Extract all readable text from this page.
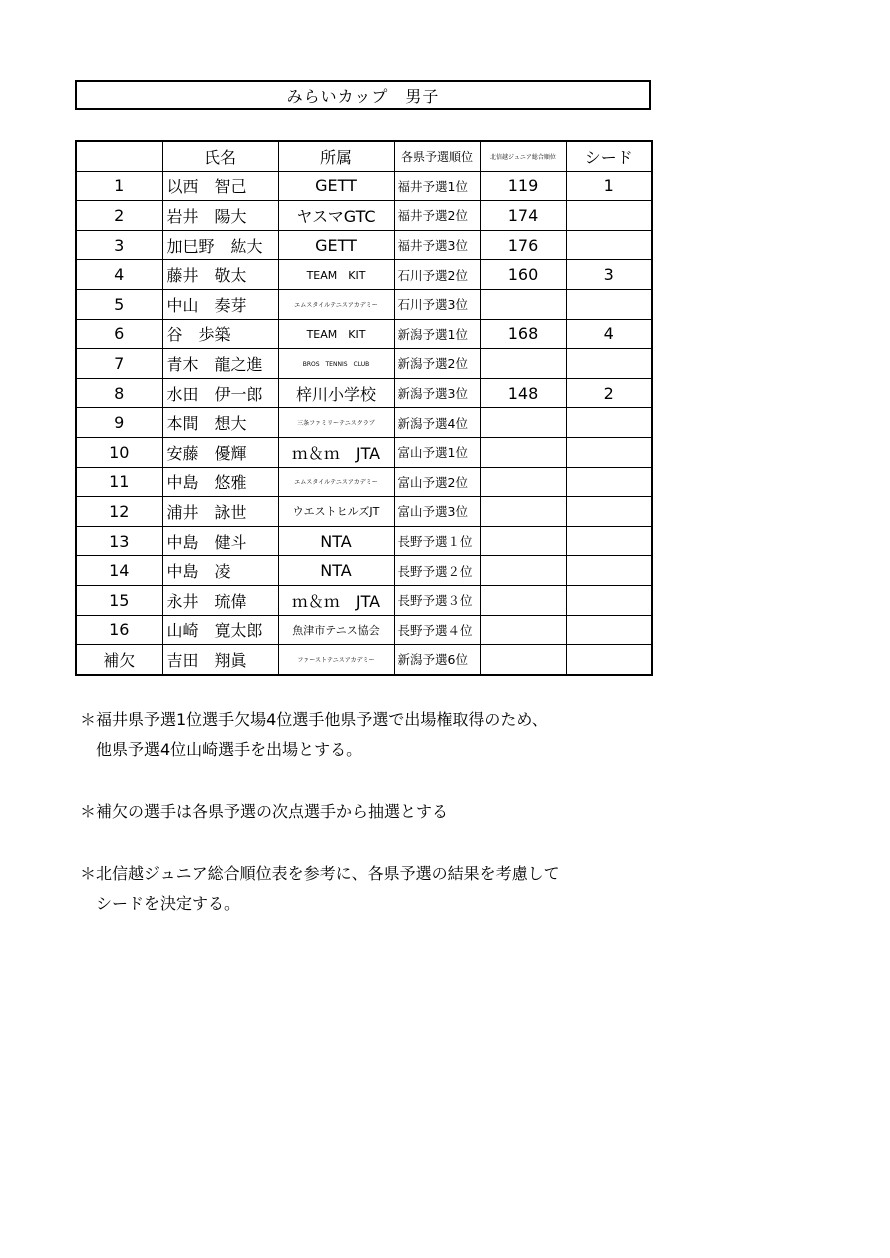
みらいカップ　男子
	氏名	所属	各県予選順位	北信越ジュニア総合順位	シード
1	以西　智己	GETT	福井予選1位	119	1
2	岩井　陽大	ヤスマGTC	福井予選2位	174	
3	加巳野　紘大	GETT	福井予選3位	176	
4	藤井　敬太	TEAM　KIT	石川予選2位	160	3
5	中山　奏芽	エムスタイルテニスアカデミー	石川予選3位		
6	谷　歩築	TEAM　KIT	新潟予選1位	168	4
7	青木　龍之進	BROS　TENNIS　CLUB	新潟予選2位		
8	水田　伊一郎	梓川小学校	新潟予選3位	148	2
9	本間　想大	三条ファミリーテニスクラブ	新潟予選4位		
10	安藤　優輝	ｍ＆ｍ　JTA	富山予選1位		
11	中島　悠雅	エムスタイルテニスアカデミー	富山予選2位		
12	浦井　詠世	ウエストヒルズJT	富山予選3位		
13	中島　健斗	NTA	長野予選１位		
14	中島　凌	NTA	長野予選２位		
15	永井　琉偉	ｍ＆ｍ　JTA	長野予選３位		
16	山崎　寛太郎	魚津市テニス協会	長野予選４位		
補欠	吉田　翔眞	ファーストテニスアカデミー	新潟予選6位		

＊福井県予選1位選手欠場4位選手他県予選で出場権取得のため、

他県予選4位山崎選手を出場とする。

＊補欠の選手は各県予選の次点選手から抽選とする

＊北信越ジュニア総合順位表を参考に、各県予選の結果を考慮して

シードを決定する。
